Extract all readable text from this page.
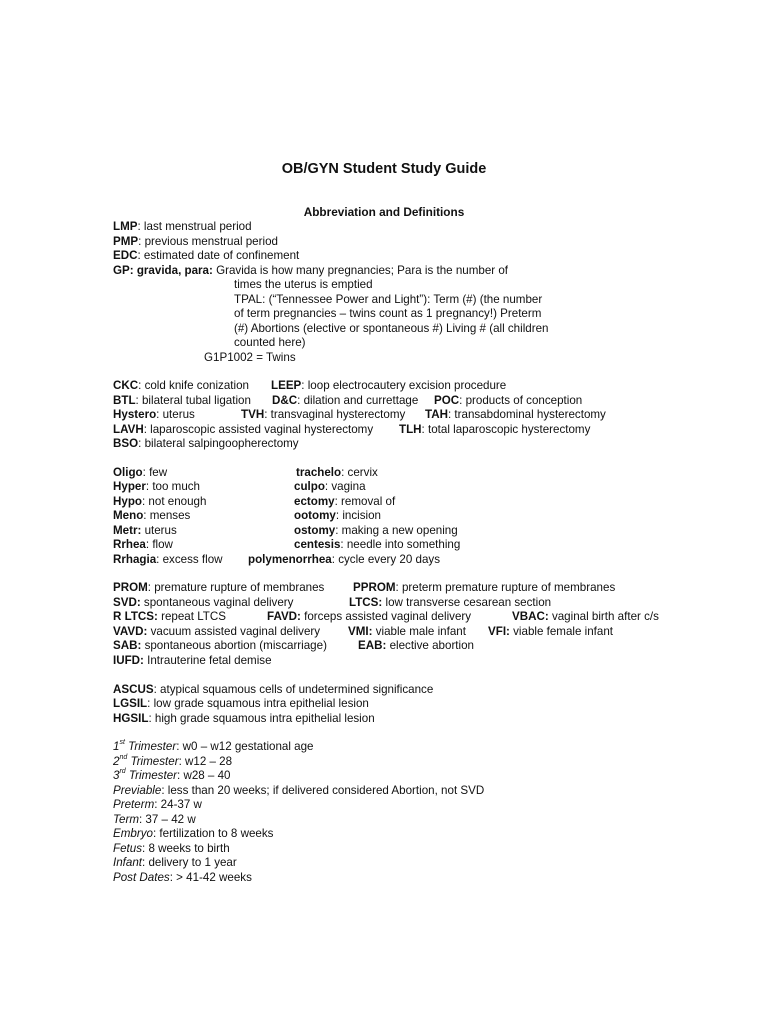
OB/GYN Student Study Guide
Abbreviation and Definitions
LMP: last menstrual period
PMP: previous menstrual period
EDC: estimated date of confinement
GP: gravida, para: Gravida is how many pregnancies; Para is the number of
times the uterus is emptied
TPAL: (“Tennessee Power and Light”): Term (#) (the number
of term pregnancies – twins count as 1 pregnancy!) Preterm
(#) Abortions (elective or spontaneous #) Living # (all children
counted here)
G1P1002 = Twins
CKC: cold knife conization LEEP: loop electrocautery excision procedure
BTL: bilateral tubal ligation D&C: dilation and currettage POC: products of conception
Hystero: uterus	TVH: transvaginal hysterectomy TAH: transabdominal hysterectomy
LAVH: laparoscopic assisted vaginal hysterectomy TLH: total laparoscopic hysterectomy
BSO: bilateral salpingoopherectomy
Oligo: few	trachelo: cervix
Hyper: too much	culpo: vagina
Hypo: not enough	ectomy: removal of
Meno: menses	ootomy: incision
Metr: uterus	ostomy: making a new opening
Rrhea: flow	centesis: needle into something
Rrhagia: excess flow polymenorrhea: cycle every 20 days
PROM: premature rupture of membranes PPROM: preterm premature rupture of membranes
SVD: spontaneous vaginal delivery	LTCS: low transverse cesarean section
R LTCS: repeat LTCS	FAVD: forceps assisted vaginal delivery	VBAC: vaginal birth after c/s
VAVD: vacuum assisted vaginal delivery VMI: viable male infant VFI: viable female infant
SAB: spontaneous abortion (miscarriage)	EAB: elective abortion
IUFD: Intrauterine fetal demise
ASCUS: atypical squamous cells of undetermined significance
LGSIL: low grade squamous intra epithelial lesion
HGSIL: high grade squamous intra epithelial lesion
1st Trimester: w0 – w12 gestational age
2nd Trimester: w12 – 28
3rd Trimester: w28 – 40
Previable: less than 20 weeks; if delivered considered Abortion, not SVD
Preterm: 24-37 w
Term: 37 – 42 w
Embryo: fertilization to 8 weeks
Fetus: 8 weeks to birth
Infant: delivery to 1 year
Post Dates: > 41-42 weeks
